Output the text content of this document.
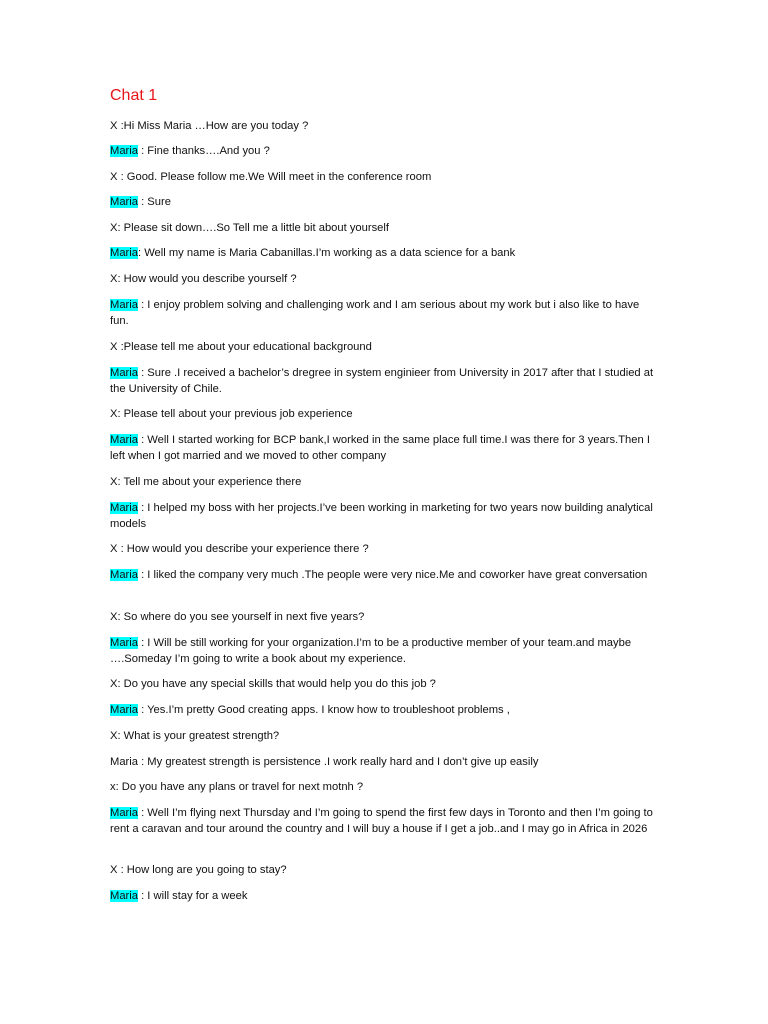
Chat 1

X :Hi Miss Maria …How are you today ?

Maria : Fine thanks….And you ?

X : Good. Please follow me.We Will meet in the conference room

Maria : Sure

X: Please sit down….So Tell me a little bit about yourself

Maria: Well my name is Maria Cabanillas.I’m working as a data science for a bank

X: How would you describe yourself ?

Maria : I enjoy problem solving and challenging work and I am serious about my work but i also like to have fun.

X :Please tell me about your educational background

Maria : Sure .I received a bachelor’s dregree in system enginieer from University in 2017 after that I studied at the University of Chile.

X: Please tell about your previous job experience

Maria : Well I started working for BCP bank,I worked in the same place full time.I was there for 3 years.Then I left when I got married and we moved to other company

X: Tell me about your experience there

Maria : I helped my boss with her projects.I’ve been working in marketing for two years now building analytical models

X : How would you describe your experience there ?

Maria : I liked the company very much .The people were very nice.Me and coworker have great conversation

X: So where do you see yourself in next five years?

Maria : I Will be still working for your organization.I’m to be a productive member of your team.and maybe ….Someday I’m going to write a book about my experience.

X: Do you have any special skills that would help you do this job ?

Maria : Yes.I’m pretty Good creating apps. I know how to troubleshoot problems ,

X: What is your greatest strength?

Maria : My greatest strength is persistence .I work really hard and I don’t give up easily

x: Do you have any plans or travel for next motnh ?

Maria : Well I’m flying next Thursday and I’m going to spend the first few days in Toronto and then I’m going to rent a caravan and tour around the country and I will buy a house if I get a job..and I may go in Africa in 2026

X : How long are you going to stay?

Maria : I will stay for a week
